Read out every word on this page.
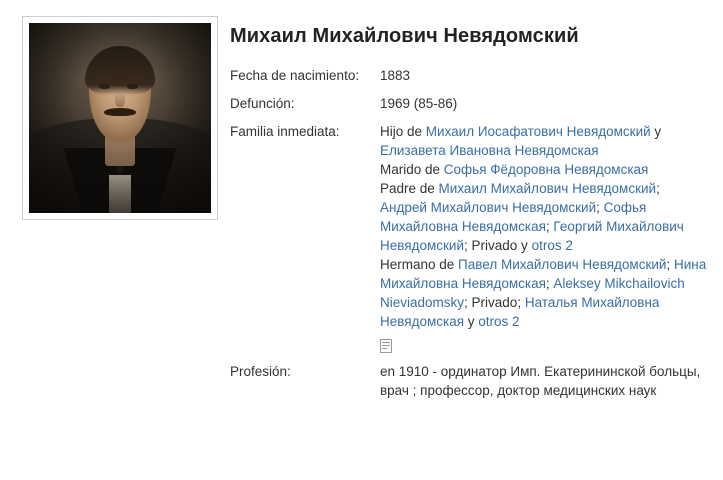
Михаил Михайлович Невядомский
Fecha de nacimiento:	1883
Defunción:	1969 (85-86)
Familia inmediata:	Hijo de Михаил Иосафатович Невядомский y Елизавета Ивановна Невядомская
Marido de Софья Фёдоровна Невядомская
Padre de Михаил Михайлович Невядомский; Андрей Михайлович Невядомский; Софья Михайловна Невядомская; Георгий Михайлович Невядомский; Privado y otros 2
Hermano de Павел Михайлович Невядомский; Нина Михайловна Невядомская; Aleksey Mikchailovich Nieviadomsky; Privado; Наталья Михайловна Невядомская y otros 2

Profesión:	en 1910 - ординатор Имп. Екатерининской больцы, врач ; профессор, доктор медицинских наук
